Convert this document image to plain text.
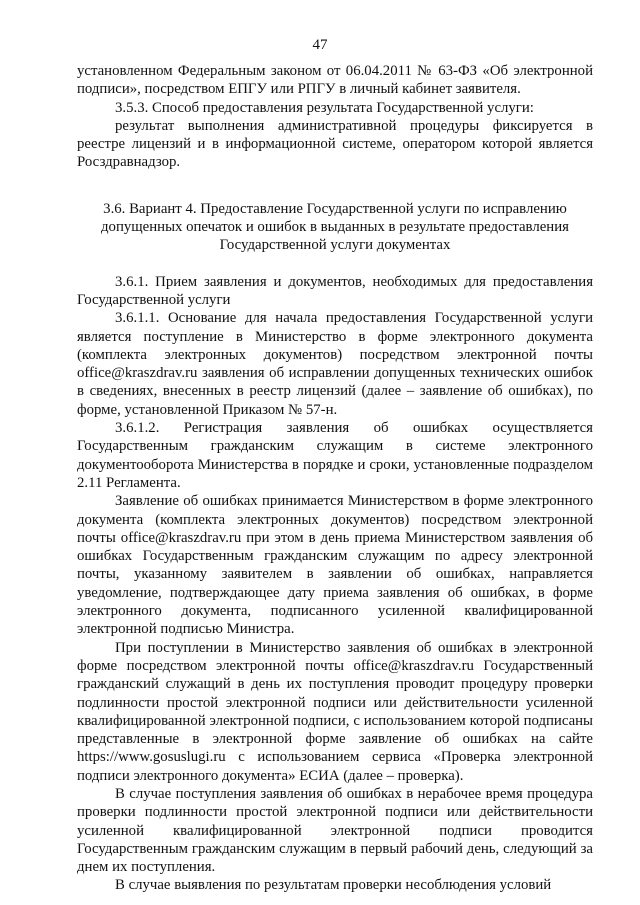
47

установленном Федеральным законом от 06.04.2011 № 63-ФЗ «Об электронной подписи», посредством ЕПГУ или РПГУ в личный кабинет заявителя.

3.5.3. Способ предоставления результата Государственной услуги:

результат выполнения административной процедуры фиксируется в реестре лицензий и в информационной системе, оператором которой является Росздравнадзор.

3.6. Вариант 4. Предоставление Государственной услуги по исправлению допущенных опечаток и ошибок в выданных в результате предоставления Государственной услуги документах

3.6.1. Прием заявления и документов, необходимых для предоставления Государственной услуги

3.6.1.1. Основание для начала предоставления Государственной услуги является поступление в Министерство в форме электронного документа (комплекта электронных документов) посредством электронной почты office@kraszdrav.ru заявления об исправлении допущенных технических ошибок в сведениях, внесенных в реестр лицензий (далее – заявление об ошибках), по форме, установленной Приказом № 57-н.

3.6.1.2. Регистрация заявления об ошибках осуществляется Государственным гражданским служащим в системе электронного документооборота Министерства в порядке и сроки, установленные подразделом 2.11 Регламента.

Заявление об ошибках принимается Министерством в форме электронного документа (комплекта электронных документов) посредством электронной почты office@kraszdrav.ru при этом в день приема Министерством заявления об ошибках Государственным гражданским служащим по адресу электронной почты, указанному заявителем в заявлении об ошибках, направляется уведомление, подтверждающее дату приема заявления об ошибках, в форме электронного документа, подписанного усиленной квалифицированной электронной подписью Министра.

При поступлении в Министерство заявления об ошибках в электронной форме посредством электронной почты office@kraszdrav.ru Государственный гражданский служащий в день их поступления проводит процедуру проверки подлинности простой электронной подписи или действительности усиленной квалифицированной электронной подписи, с использованием которой подписаны представленные в электронной форме заявление об ошибках на сайте https://www.gosuslugi.ru с использованием сервиса «Проверка электронной подписи электронного документа» ЕСИА (далее – проверка).

В случае поступления заявления об ошибках в нерабочее время процедура проверки подлинности простой электронной подписи или действительности усиленной квалифицированной электронной подписи проводится Государственным гражданским служащим в первый рабочий день, следующий за днем их поступления.

В случае выявления по результатам проверки несоблюдения условий
